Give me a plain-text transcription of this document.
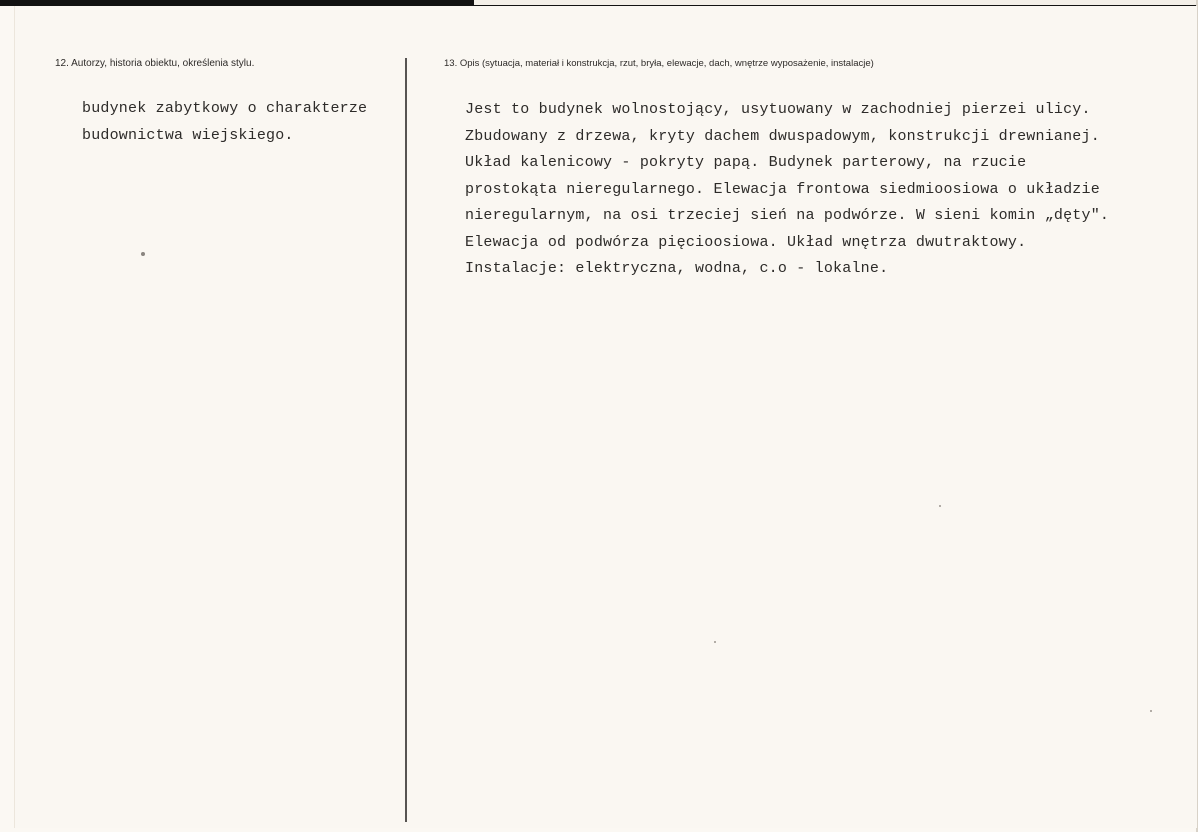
12. Autorzy, historia obiektu, określenia stylu.
budynek zabytkowy o charakterze budownictwa wiejskiego.
13. Opis (sytuacja, materiał i konstrukcja, rzut, bryła, elewacje, dach, wnętrze wyposażenie, instalacje)
Jest to budynek wolnostojący, usytuowany w zachodniej pierzei ulicy.
Zbudowany z drzewa, kryty dachem dwuspadowym, konstrukcji drewnianej.
Układ kalenicowy - pokryty papą. Budynek parterowy, na rzucie
prostokąta nieregularnego. Elewacja frontowa siedmioosiowa o układzie
nieregularnym, na osi trzeciej sień na podwórze. W sieni komin „dęty".
Elewacja od podwórza pięcioosiowa. Układ wnętrza dwutraktowy.
Instalacje: elektryczna, wodna, c.o - lokalne.
